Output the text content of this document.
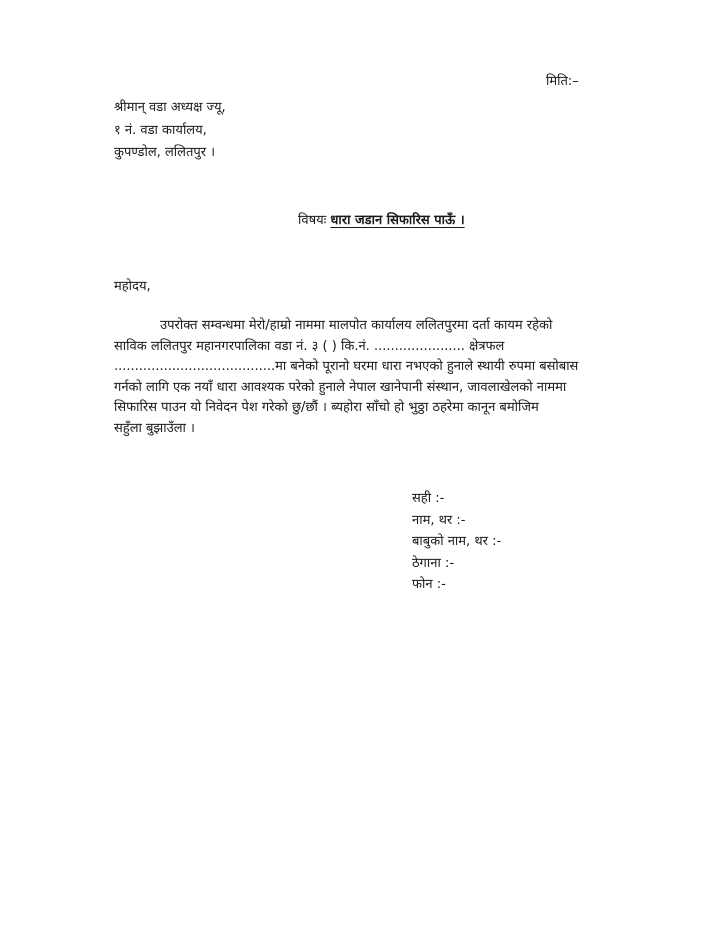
मिति:–
श्रीमान् वडा अध्यक्ष ज्यू,
१ नं. वडा कार्यालय,
कुपण्डोल, ललितपुर ।
विषयः धारा जडान सिफारिस पाऊँ ।
महोदय,
उपरोक्त सम्वन्धमा मेरो/हाम्रो नाममा मालपोत कार्यालय ललितपुरमा दर्ता कायम रहेको
साविक ललितपुर महानगरपालिका वडा नं. ३ ( ) कि.नं. ...................... क्षेत्रफल
.......................................मा बनेको पूरानो घरमा धारा नभएको हुनाले स्थायी रुपमा बसोबास
गर्नको लागि एक नयाँ धारा आवश्यक परेको हुनाले नेपाल खानेपानी संस्थान, जावलाखेलको नाममा
सिफारिस पाउन यो निवेदन पेश गरेको छु/छौं । ब्यहोरा साँचो हो भुठ्ठा ठहरेमा कानून बमोजिम
सहुँला बुझाउँला ।
सही :-
नाम, थर :-
बाबुको नाम, थर :-
ठेगाना :-
फोन :-
